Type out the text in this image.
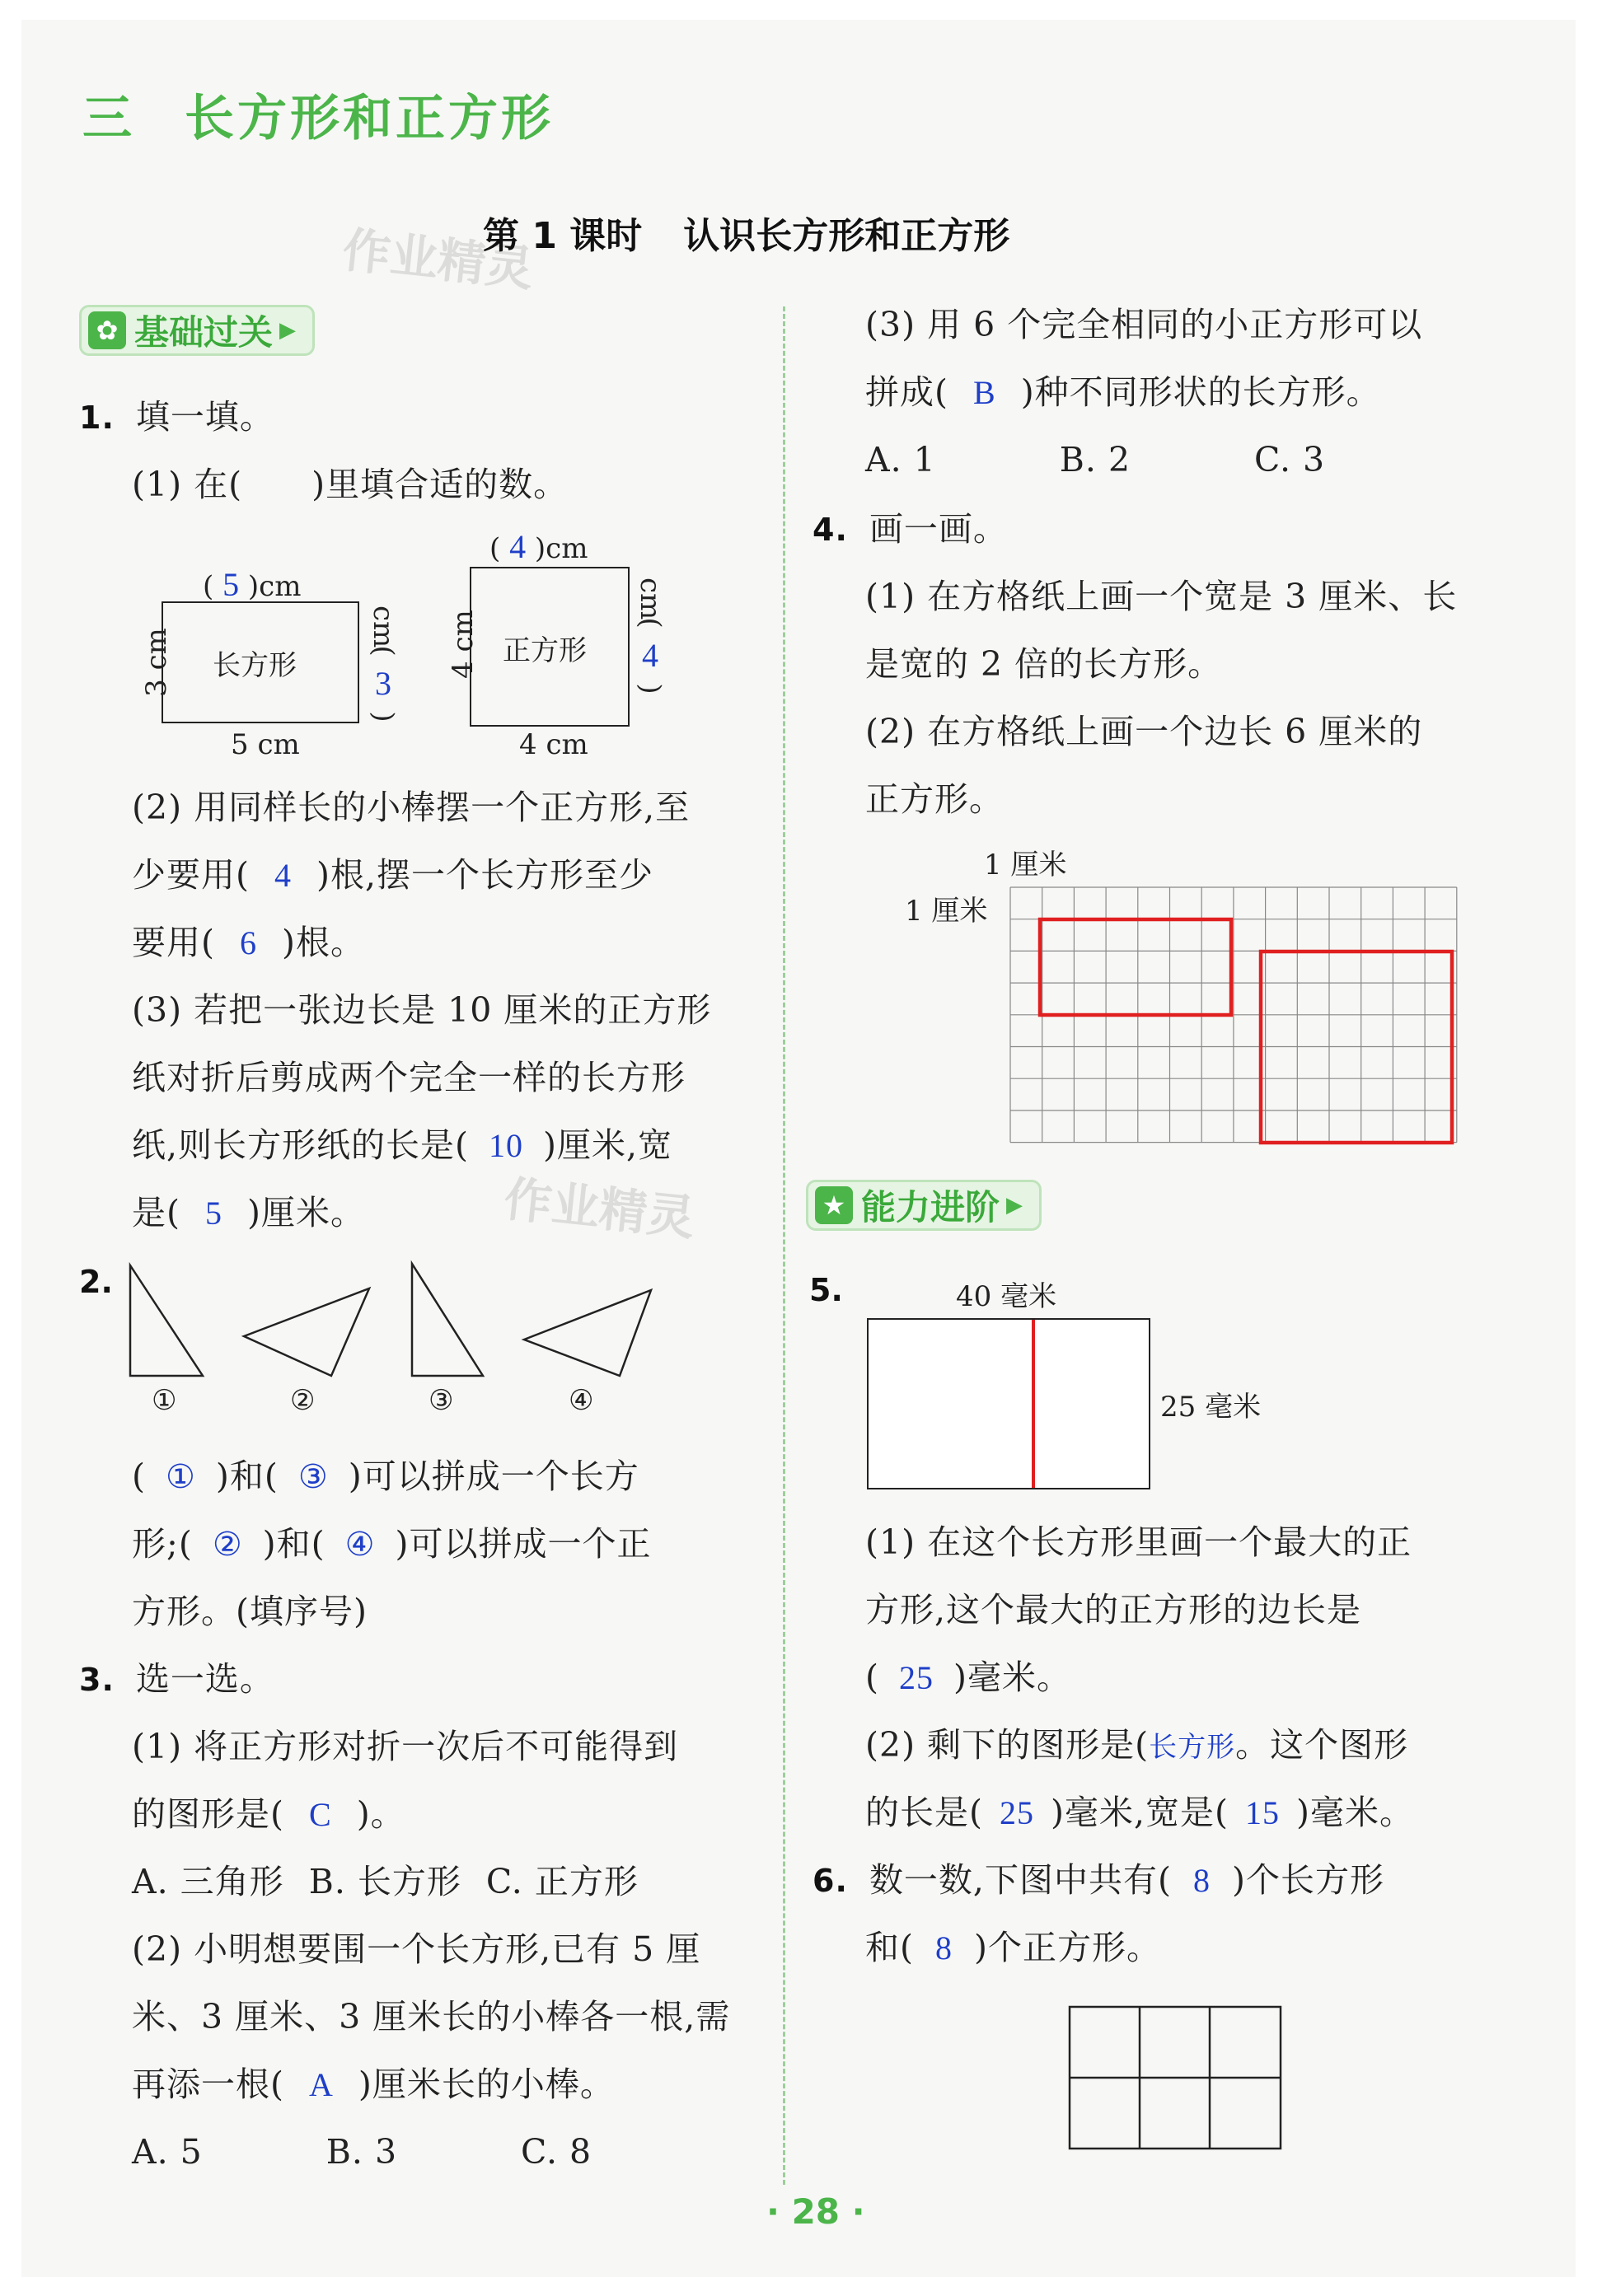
三 长方形和正方形
作业精灵
第 1 课时 认识长方形和正方形
✿ 基础过关 ▶
1. 填一填。
(1) 在(　　)里填合适的数。
( 5 )cm
长方形
3 cm
cm
(
3
)
5 cm
( 4 )cm
正方形
4 cm
cm
(
4
)
4 cm
(2) 用同样长的小棒摆一个正方形,至
少要用( 4 )根,摆一个长方形至少
要用( 6 )根。
(3) 若把一张边长是 10 厘米的正方形
纸对折后剪成两个完全一样的长方形
纸,则长方形纸的长是( 10 )厘米,宽
是( 5 )厘米。	作业精灵
2.
①	②	③	④
( ① )和( ③ )可以拼成一个长方
形;( ② )和( ④ )可以拼成一个正
方形。(填序号)
3. 选一选。
(1) 将正方形对折一次后不可能得到
的图形是( C )。
A. 三角形 B. 长方形 C. 正方形
(2) 小明想要围一个长方形,已有 5 厘
米、3 厘米、3 厘米长的小棒各一根,需
再添一根( A )厘米长的小棒。
A. 5	B. 3	C. 8
(3) 用 6 个完全相同的小正方形可以
拼成( B )种不同形状的长方形。
A. 1	B. 2	C. 3
4. 画一画。
(1) 在方格纸上画一个宽是 3 厘米、长
是宽的 2 倍的长方形。
(2) 在方格纸上画一个边长 6 厘米的
正方形。
1 厘米
1 厘米
★ 能力进阶 ▶
5.	40 毫米
25 毫米
(1) 在这个长方形里画一个最大的正
方形,这个最大的正方形的边长是
( 25 )毫米。
(2) 剩下的图形是(长方形。这个图形
的长是( 25 )毫米,宽是( 15 )毫米。
6. 数一数,下图中共有( 8 )个长方形
和( 8 )个正方形。
· 28 ·
